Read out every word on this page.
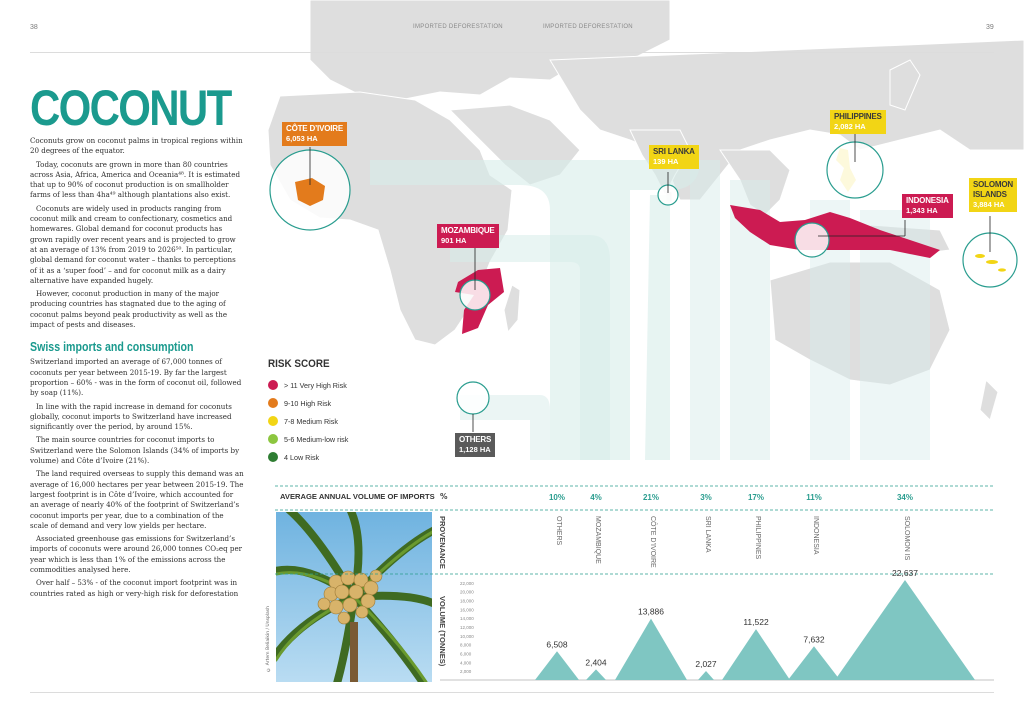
38	39
IMPORTED DEFORESTATION	IMPORTED DEFORESTATION
COCONUT

Coconuts grow on coconut palms in tropical regions within 20 degrees of the equator.

Today, coconuts are grown in more than 80 countries across Asia, Africa, America and Oceania⁴⁸. It is estimated that up to 90% of coconut production is on smallholder farms of less than 4ha⁴⁹ although plantations also exist.

Coconuts are widely used in products ranging from coconut milk and cream to confectionary, cosmetics and homewares. Global demand for coconut products has grown rapidly over recent years and is projected to grow at an average of 13% from 2019 to 2026⁵⁰. In particular, global demand for coconut water – thanks to perceptions of it as a ‘super food’ – and for coconut milk as a dairy alternative have expanded hugely.

However, coconut production in many of the major producing countries has stagnated due to the aging of coconut palms beyond peak productivity as well as the impact of pests and diseases.

Swiss imports and consumption

Switzerland imported an average of 67,000 tonnes of coconuts per year between 2015-19. By far the largest proportion – 60% - was in the form of coconut oil, followed by soap (11%).

In line with the rapid increase in demand for coconuts globally, coconut imports to Switzerland have increased significantly over the period, by around 15%.

The main source countries for coconut imports to Switzerland were the Solomon Islands (34% of imports by volume) and Côte d’Ivoire (21%).

The land required overseas to supply this demand was an average of 16,000 hectares per year between 2015-19. The largest footprint is in Côte d’Ivoire, which accounted for an average of nearly 40% of the footprint of Switzerland’s coconut imports per year, due to a combination of the scale of demand and very low yields per hectare.

Associated greenhouse gas emissions for Switzerland’s imports of coconuts were around 26,000 tonnes CO₂eq per year which is less than 1% of the emissions across the commodities analysed here.

Over half – 53% - of the coconut import footprint was in countries rated as high or very-high risk for deforestation

CÔTE D’IVOIRE
6,053 HA
MOZAMBIQUE
901 HA
SRI LANKA
139 HA
PHILIPPINES
2,082 HA
INDONESIA
1,343 HA
SOLOMON ISLANDS
3,884 HA
OTHERS
1,128 HA
RISK SCORE
> 11 Very High Risk
9-10 High Risk
7-8 Medium Risk
5-6 Medium-low risk
4 Low Risk
AVERAGE ANNUAL VOLUME OF IMPORTS %
PROVENANCE
VOLUME (TONNES)
© Artem Beliaikin / Unsplash
22,000
20,000
18,000
16,000
14,000
12,000
10,000
8,000
6,000
4,000
2,000
10%
6,508
OTHERS
4%
2,404
MOZAMBIQUE
21%
13,886
CÔTE D’IVOIRE
3%
2,027
SRI LANKA
17%
11,522
PHILIPPINES
11%
7,632
INDONESIA
34%
22,637
SOLOMON IS
